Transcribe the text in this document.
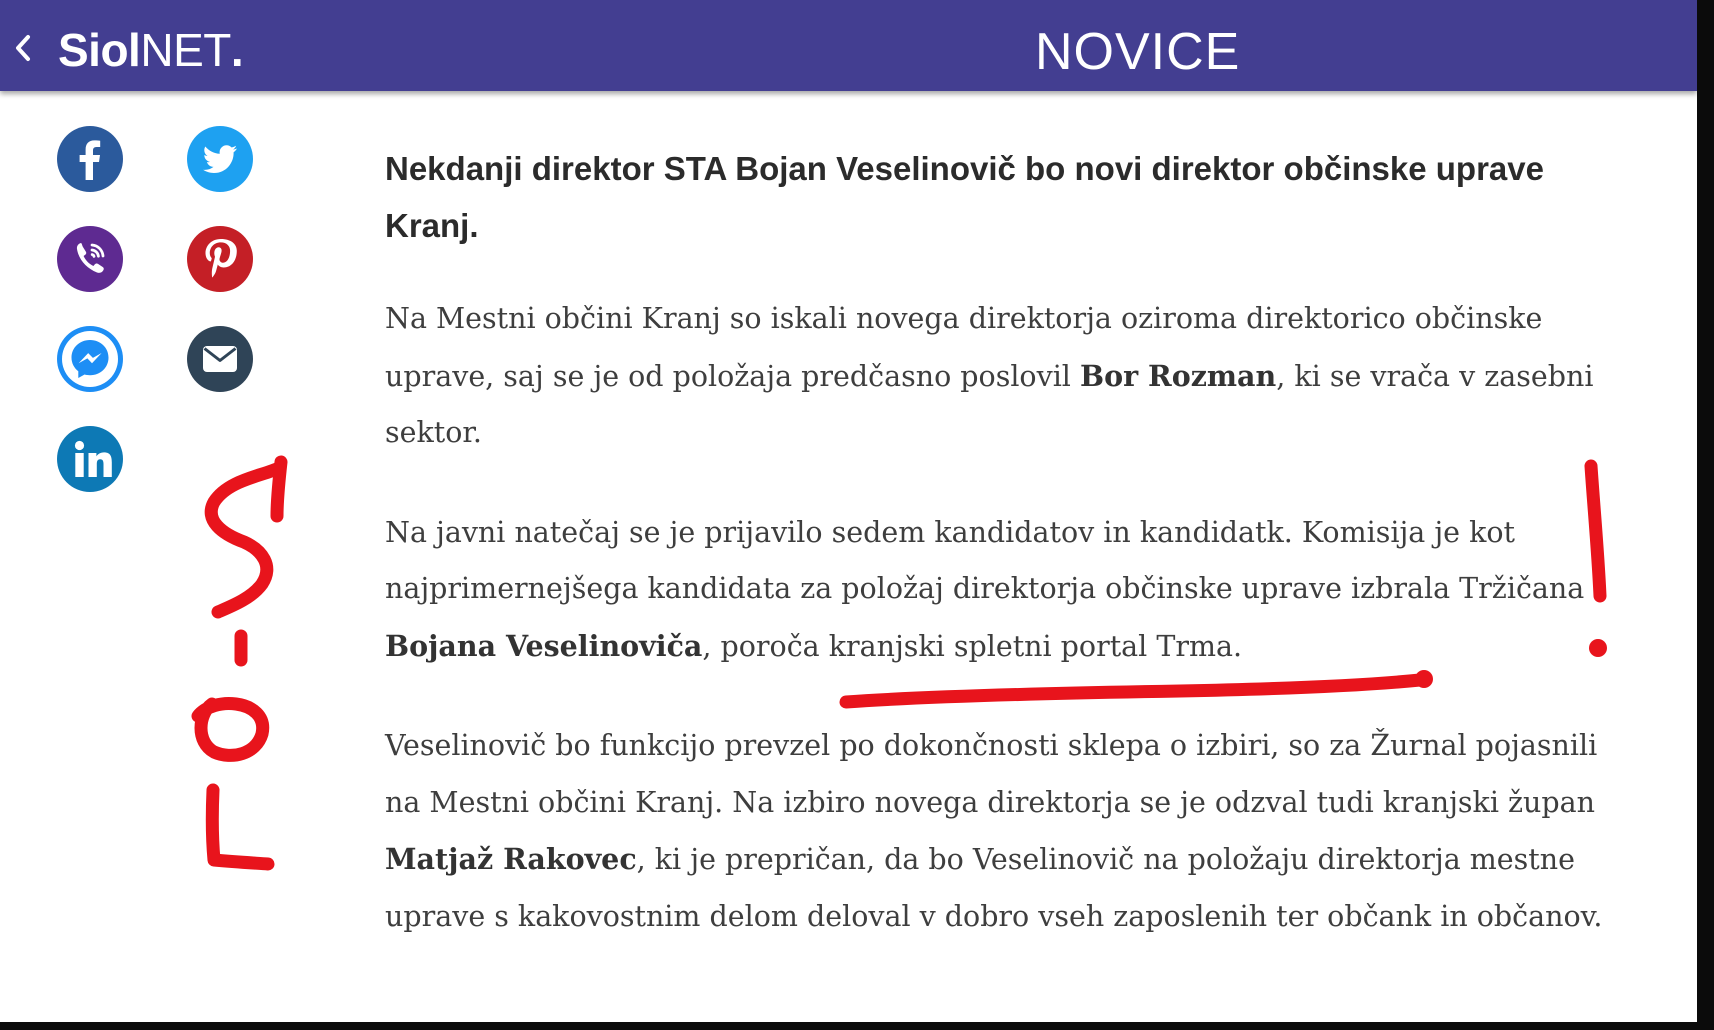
SiolNET.	NOVICE

Nekdanji direktor STA Bojan Veselinovič bo novi direktor občinske uprave Kranj.

Na Mestni občini Kranj so iskali novega direktorja oziroma direktorico občinske uprave, saj se je od položaja predčasno poslovil Bor Rozman, ki se vrača v zasebni sektor.

Na javni natečaj se je prijavilo sedem kandidatov in kandidatk. Komisija je kot najprimernejšega kandidata za položaj direktorja občinske uprave izbrala Tržičana Bojana Veselinoviča, poroča kranjski spletni portal Trma.

Veselinovič bo funkcijo prevzel po dokončnosti sklepa o izbiri, so za Žurnal pojasnili na Mestni občini Kranj. Na izbiro novega direktorja se je odzval tudi kranjski župan Matjaž Rakovec, ki je prepričan, da bo Veselinovič na položaju direktorja mestne uprave s kakovostnim delom deloval v dobro vseh zaposlenih ter občank in občanov.
